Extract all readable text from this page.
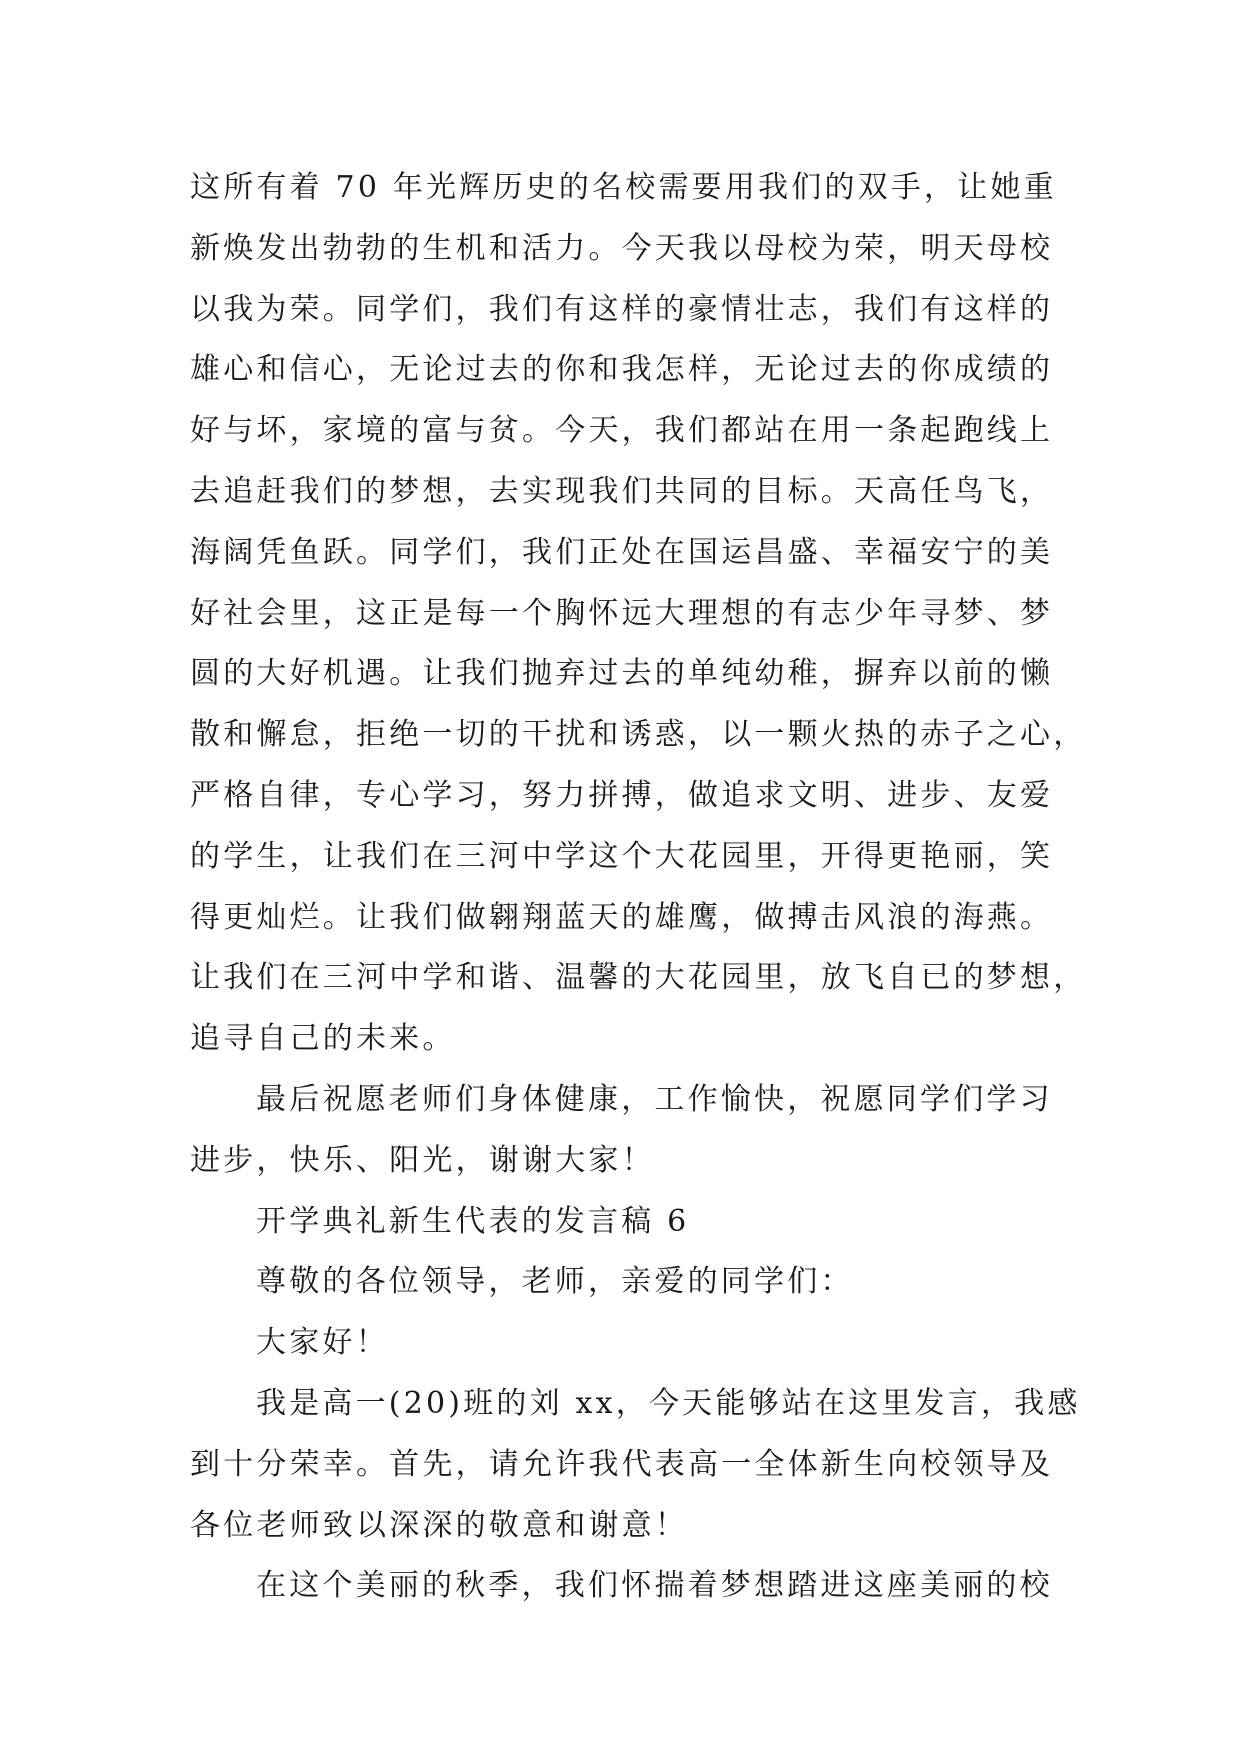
这所有着 70 年光辉历史的名校需要用我们的双手，让她重
新焕发出勃勃的生机和活力。今天我以母校为荣，明天母校
以我为荣。同学们，我们有这样的豪情壮志，我们有这样的
雄心和信心，无论过去的你和我怎样，无论过去的你成绩的
好与坏，家境的富与贫。今天，我们都站在用一条起跑线上
去追赶我们的梦想，去实现我们共同的目标。天高任鸟飞，
海阔凭鱼跃。同学们，我们正处在国运昌盛、幸福安宁的美
好社会里，这正是每一个胸怀远大理想的有志少年寻梦、梦
圆的大好机遇。让我们抛弃过去的单纯幼稚，摒弃以前的懒
散和懈怠，拒绝一切的干扰和诱惑，以一颗火热的赤子之心，
严格自律，专心学习，努力拼搏，做追求文明、进步、友爱
的学生，让我们在三河中学这个大花园里，开得更艳丽，笑
得更灿烂。让我们做翱翔蓝天的雄鹰，做搏击风浪的海燕。
让我们在三河中学和谐、温馨的大花园里，放飞自已的梦想，
追寻自己的未来。
最后祝愿老师们身体健康，工作愉快，祝愿同学们学习
进步，快乐、阳光，谢谢大家！
开学典礼新生代表的发言稿 6
尊敬的各位领导，老师，亲爱的同学们：
大家好！
我是高一(20)班的刘 xx，今天能够站在这里发言，我感
到十分荣幸。首先，请允许我代表高一全体新生向校领导及
各位老师致以深深的敬意和谢意！
在这个美丽的秋季，我们怀揣着梦想踏进这座美丽的校
